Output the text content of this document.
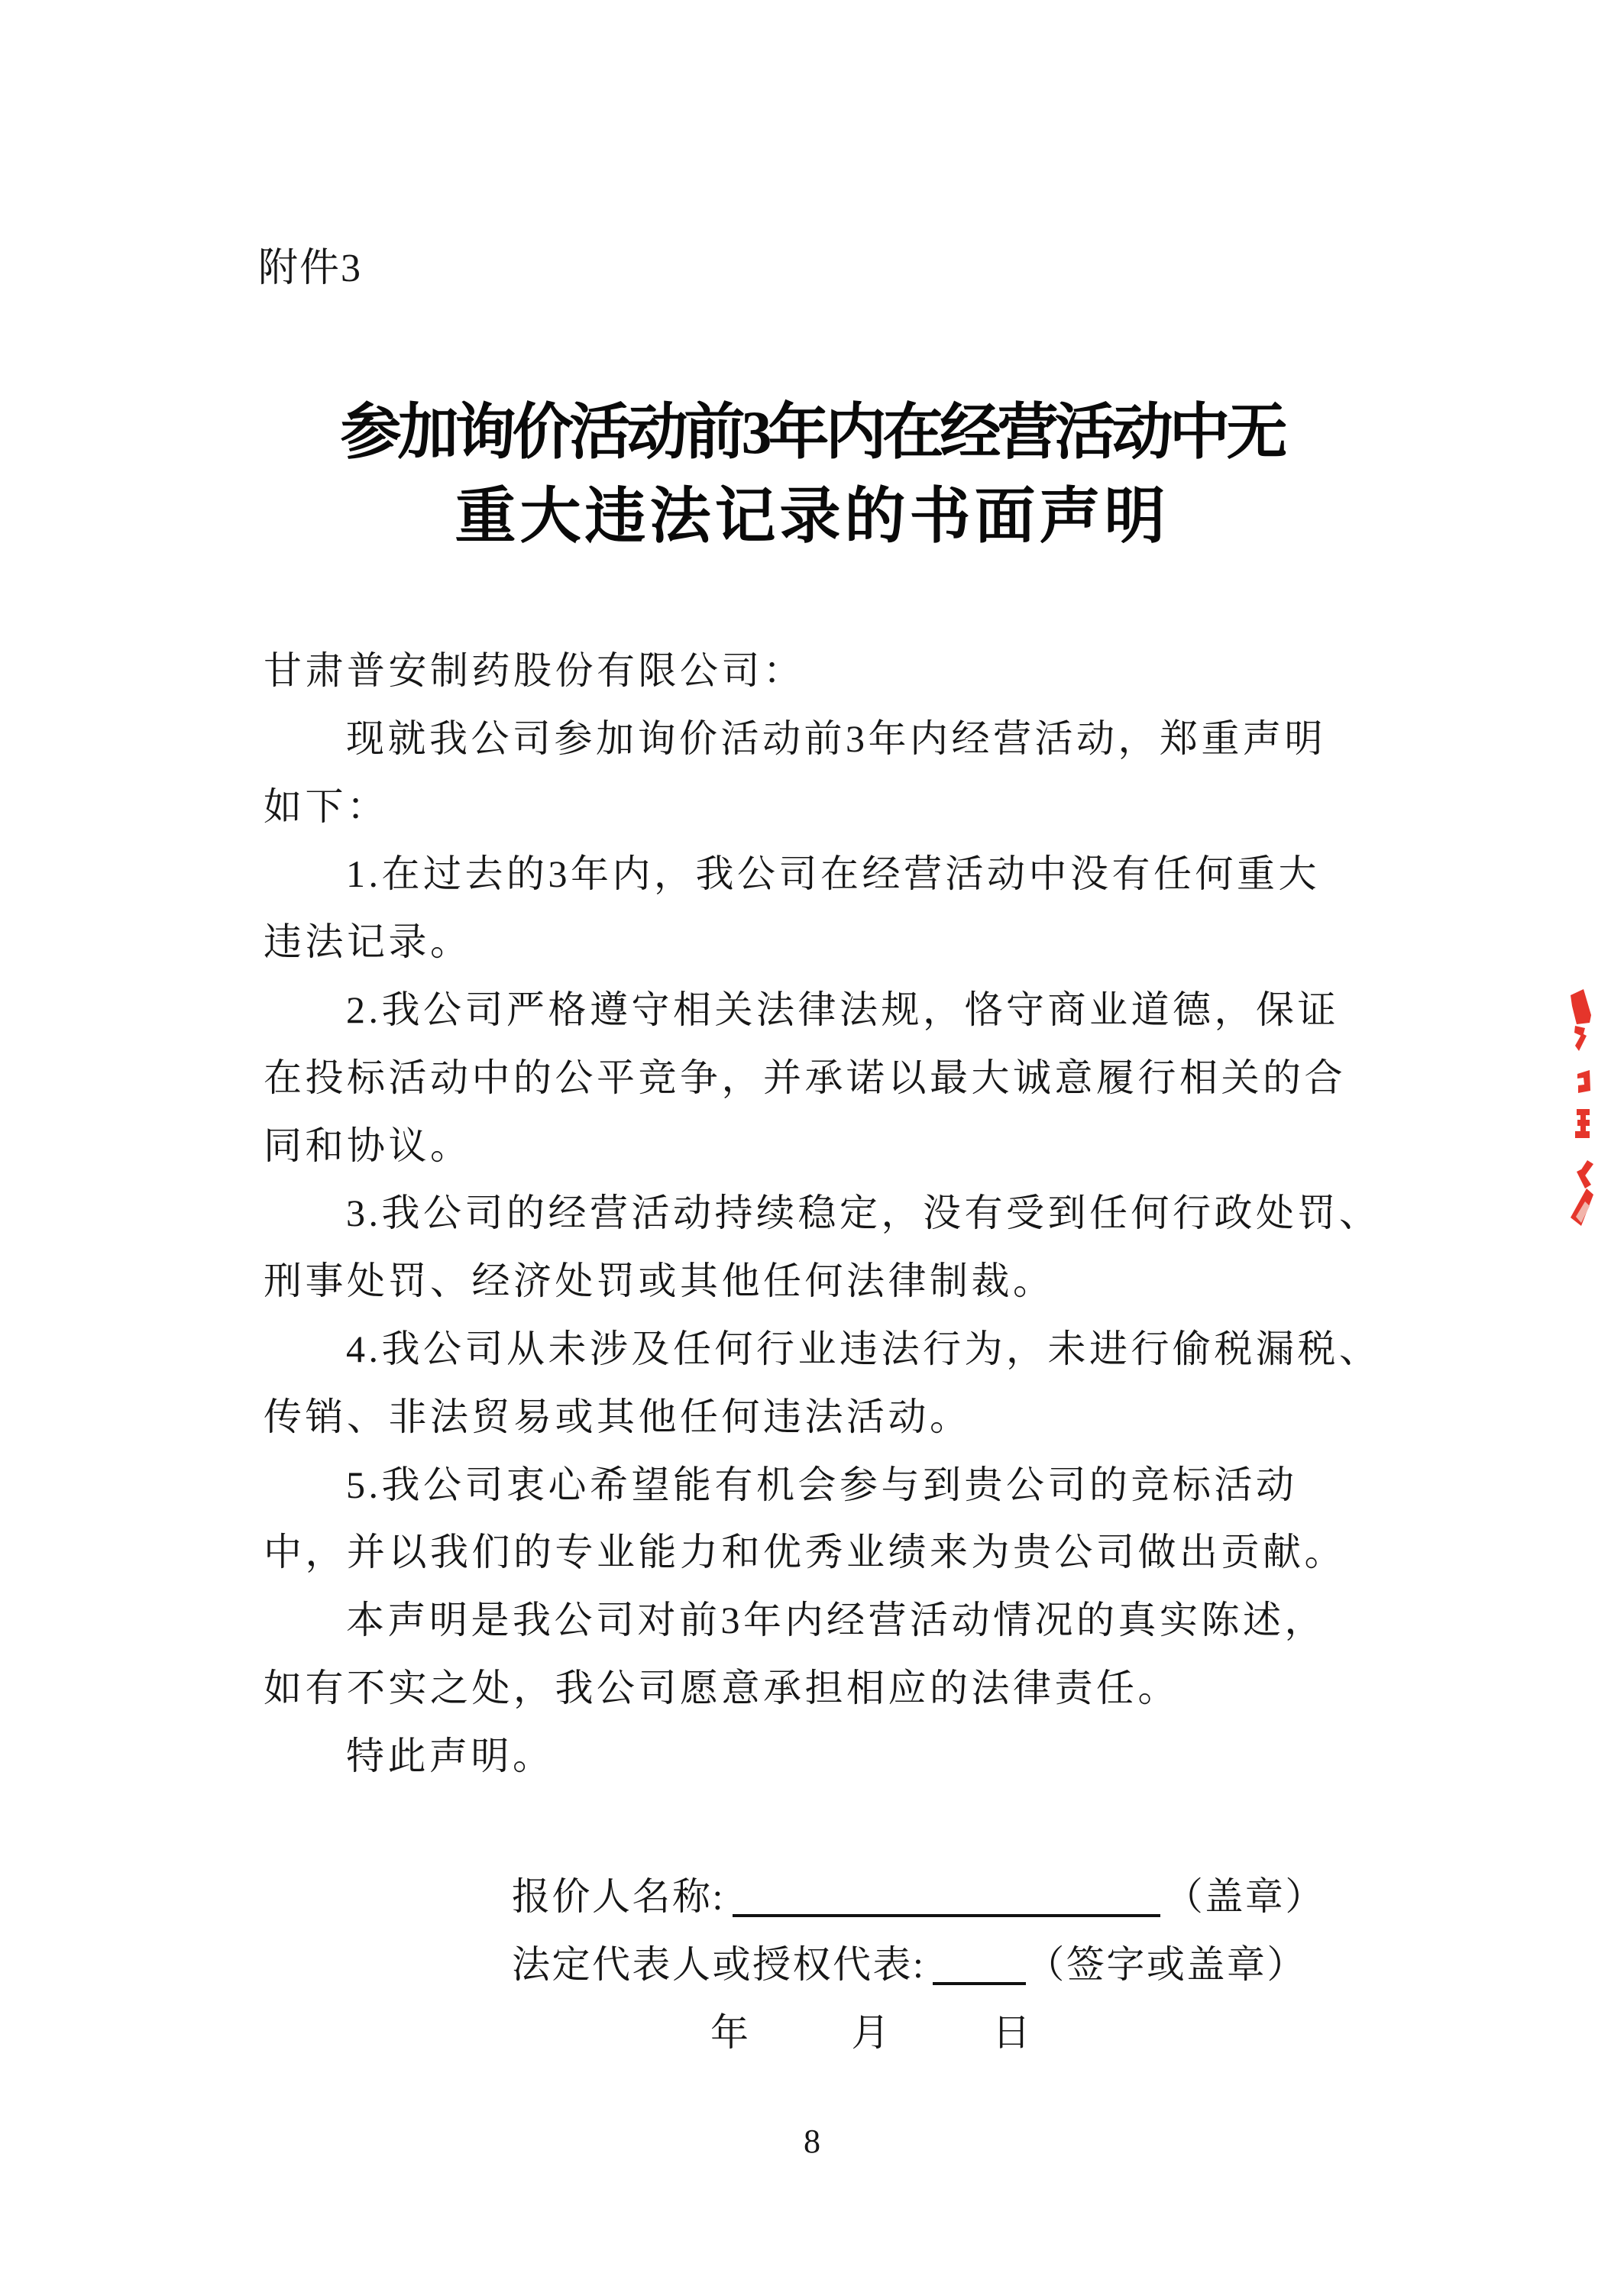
附件3
参加询价活动前3年内在经营活动中无
重大违法记录的书面声明
甘肃普安制药股份有限公司：
现就我公司参加询价活动前3年内经营活动，郑重声明
如下：
1.在过去的3年内，我公司在经营活动中没有任何重大
违法记录。
2.我公司严格遵守相关法律法规，恪守商业道德，保证
在投标活动中的公平竞争，并承诺以最大诚意履行相关的合
同和协议。
3.我公司的经营活动持续稳定，没有受到任何行政处罚、
刑事处罚、经济处罚或其他任何法律制裁。
4.我公司从未涉及任何行业违法行为，未进行偷税漏税、
传销、非法贸易或其他任何违法活动。
5.我公司衷心希望能有机会参与到贵公司的竞标活动
中，并以我们的专业能力和优秀业绩来为贵公司做出贡献。
本声明是我公司对前3年内经营活动情况的真实陈述，
如有不实之处，我公司愿意承担相应的法律责任。
特此声明。
报价人名称:	（盖章）
法定代表人或授权代表:	（签字或盖章）
年	月	日
8
